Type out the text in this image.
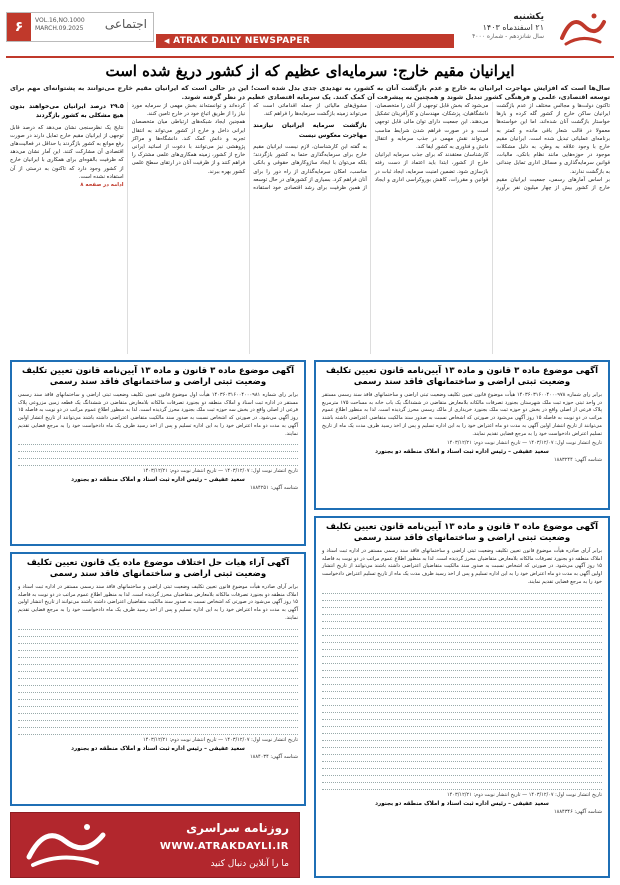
یکشنبه
۲۱ اسفندماه ۱۴۰۳
سال شانزدهم - شماره ۴۰۰۰
◀ ATRAK DAILY NEWSPAPER
۶	VOL.16,NO.1000
MARCH.09.2025 اجتماعی
ایرانیان مقیم خارج: سرمایه‌ای عظیم که از کشور دریغ شده است
سال‌ها است که افزایش مهاجرت ایرانیان به خارج و عدم بازگشت آنان به کشور، به تهدیدی جدی بدل شده است؛ این در حالی است که ایرانیان مقیم خارج می‌توانند به پشتوانه‌ای مهم برای توسعه اقتصادی، علمی و فرهنگی کشور تبدیل شوند و همچنین به پیشرفت آن کمک کنند. یک سرمایه اقتصادی عظیم در نظر گرفته شوند.

تاکنون دولت‌ها و مجالس مختلف از عدم بازگشت ایرانیان ساکن خارج از کشور گله کرده و بارها خواستار بازگشت آنان شده‌اند، اما این خواسته‌ها معمولا در قالب شعار باقی مانده و کمتر به برنامه‌ای عملیاتی تبدیل شده است. ایرانیان مقیم خارج با وجود علاقه به وطن، به دلیل مشکلات موجود در حوزه‌هایی مانند نظام بانکی، مالیات، قوانین سرمایه‌گذاری و مسائل اداری تمایل چندانی به بازگشت ندارند.

بر اساس آمارهای رسمی، جمعیت ایرانیان مقیم خارج از کشور بیش از چهار میلیون نفر برآورد می‌شود که بخش قابل توجهی از آنان را متخصصان، دانشگاهیان، پزشکان، مهندسان و کارآفرینان تشکیل می‌دهند. این جمعیت دارای توان مالی قابل توجهی است و در صورت فراهم شدن شرایط مناسب می‌تواند نقش مهمی در جذب سرمایه و انتقال دانش و فناوری به کشور ایفا کند.

کارشناسان معتقدند که برای جذب سرمایه ایرانیان خارج از کشور، ابتدا باید اعتماد از دست رفته بازسازی شود. تضمین امنیت سرمایه، ایجاد ثبات در قوانین و مقررات، کاهش بوروکراسی اداری و ایجاد مشوق‌های مالیاتی از جمله اقداماتی است که می‌تواند زمینه بازگشت سرمایه‌ها را فراهم کند.

بازگشت سرمایه ایرانیان نیازمند مهاجرت معکوس نیست

به گفته این کارشناسان، لازم نیست ایرانیان مقیم خارج برای سرمایه‌گذاری حتما به کشور بازگردند؛ بلکه می‌توان با ایجاد سازوکارهای حقوقی و بانکی مناسب، امکان سرمایه‌گذاری از راه دور را برای آنان فراهم کرد. بسیاری از کشورهای در حال توسعه از همین ظرفیت برای رشد اقتصادی خود استفاده کرده‌اند و توانسته‌اند بخش مهمی از سرمایه مورد نیاز را از طریق اتباع خود در خارج تامین کنند.

همچنین ایجاد شبکه‌های ارتباطی میان متخصصان ایرانی داخل و خارج از کشور می‌تواند به انتقال تجربه و دانش کمک کند. دانشگاه‌ها و مراکز پژوهشی نیز می‌توانند با دعوت از اساتید ایرانی خارج از کشور، زمینه همکاری‌های علمی مشترک را فراهم کنند و از ظرفیت آنان در ارتقای سطح علمی کشور بهره ببرند.

۲۹.۵ درصد ایرانیان می‌خواهند بدون هیچ مشکلی به کشور بازگردند

نتایج یک نظرسنجی نشان می‌دهد که درصد قابل توجهی از ایرانیان مقیم خارج تمایل دارند در صورت رفع موانع به کشور بازگردند یا حداقل در فعالیت‌های اقتصادی آن مشارکت کنند. این آمار نشان می‌دهد که ظرفیت بالقوه‌ای برای همکاری با ایرانیان خارج از کشور وجود دارد که تاکنون به درستی از آن استفاده نشده است.

ادامه در صفحه ۸
آگهی موضوع ماده ۳ قانون و ماده ۱۳ آیین‌نامه قانون تعیین تکلیف وضعیت ثبتی اراضی و ساختمانهای فاقد سند رسمی
برابر رای شماره ۱۴۰۳۶۰۳۱۶۰۰۴۰۰۰۹۷۸ هیأت موضوع قانون تعیین تکلیف وضعیت ثبتی اراضی و ساختمانهای فاقد سند رسمی مستقر در واحد ثبتی حوزه ثبت ملک شهرستان بجنورد تصرفات مالکانه بلامعارض متقاضی در ششدانگ یک باب خانه به مساحت ۱۷۵ مترمربع پلاک فرعی از اصلی واقع در بخش دو حوزه ثبت ملک بجنورد خریداری از مالک رسمی محرز گردیده است. لذا به منظور اطلاع عموم مراتب در دو نوبت به فاصله ۱۵ روز آگهی می‌شود در صورتی که اشخاص نسبت به صدور سند مالکیت متقاضی اعتراضی داشته باشند می‌توانند از تاریخ انتشار اولین آگهی به مدت دو ماه اعتراض خود را به این اداره تسلیم و پس از اخذ رسید ظرف مدت یک ماه از تاریخ تسلیم اعتراض دادخواست خود را به مرجع قضایی تقدیم نمایند.
تاریخ انتشار نوبت اول: ۱۴۰۳/۱۲/۰۷ — تاریخ انتشار نوبت دوم: ۱۴۰۳/۱۲/۲۱
سعید عفیفی – رئیس اداره ثبت اسناد و املاک منطقه دو بجنورد
شناسه آگهی: ۱۸۸۳۲۴۴
آگهی موضوع ماده ۳ قانون و ماده ۱۳ آیین‌نامه قانون تعیین تکلیف وضعیت ثبتی اراضی و ساختمانهای فاقد سند رسمی
برابر رای شماره ۱۴۰۳۶۰۳۱۶۰۰۴۰۰۰۹۸۱ هیأت اول موضوع قانون تعیین تکلیف وضعیت ثبتی اراضی و ساختمانهای فاقد سند رسمی مستقر در اداره ثبت اسناد و املاک منطقه دو بجنورد تصرفات مالکانه بلامعارض متقاضی در ششدانگ یک قطعه زمین مزروعی پلاک فرعی از اصلی واقع در بخش سه حوزه ثبت ملک بجنورد محرز گردیده است. لذا به منظور اطلاع عموم مراتب در دو نوبت به فاصله ۱۵ روز آگهی می‌شود. در صورتی که اشخاص نسبت به صدور سند مالکیت متقاضی اعتراضی داشته باشند می‌توانند از تاریخ انتشار اولین آگهی به مدت دو ماه اعتراض خود را به این اداره تسلیم و پس از اخذ رسید ظرف یک ماه دادخواست خود را به مرجع قضایی تقدیم نمایند.
تاریخ انتشار نوبت اول: ۱۴۰۳/۱۲/۰۷ — تاریخ انتشار نوبت دوم: ۱۴۰۳/۱۲/۲۱
سعید عفیفی – رئیس اداره ثبت اسناد و املاک منطقه دو بجنورد
شناسه آگهی: ۱۸۸۴۲۵۱
آگهی موضوع ماده ۳ قانون و ماده ۱۳ آیین‌نامه قانون تعیین تکلیف وضعیت ثبتی اراضی و ساختمانهای فاقد سند رسمی
برابر آرای صادره هیأت موضوع قانون تعیین تکلیف وضعیت ثبتی اراضی و ساختمانهای فاقد سند رسمی مستقر در اداره ثبت اسناد و املاک منطقه دو بجنورد تصرفات مالکانه بلامعارض متقاضیان محرز گردیده است. لذا به منظور اطلاع عموم مراتب در دو نوبت به فاصله ۱۵ روز آگهی می‌شود. در صورتی که اشخاص نسبت به صدور سند مالکیت متقاضیان اعتراضی داشته باشند می‌توانند از تاریخ انتشار اولین آگهی به مدت دو ماه اعتراض خود را به این اداره تسلیم و پس از اخذ رسید ظرف مدت یک ماه از تاریخ تسلیم اعتراض دادخواست خود را به مرجع قضایی تقدیم نمایند.
تاریخ انتشار نوبت اول: ۱۴۰۳/۱۲/۰۷ — تاریخ انتشار نوبت دوم: ۱۴۰۳/۱۲/۲۱
سعید عفیفی – رئیس اداره ثبت اسناد و املاک منطقه دو بجنورد
شناسه آگهی: ۱۸۸۴۳۴۶
آگهی آراء هیات حل اختلاف موضوع ماده یک قانون تعیین تکلیف وضعیت ثبتی اراضی و ساختمانهای فاقد سند رسمی
برابر آرای صادره هیأت موضوع قانون تعیین تکلیف وضعیت ثبتی اراضی و ساختمانهای فاقد سند رسمی مستقر در اداره ثبت اسناد و املاک منطقه دو بجنورد تصرفات مالکانه بلامعارض متقاضیان محرز گردیده است. لذا به منظور اطلاع عموم مراتب در دو نوبت به فاصله ۱۵ روز آگهی می‌شود در صورتی که اشخاص نسبت به صدور سند مالکیت متقاضیان اعتراضی داشته باشند می‌توانند از تاریخ انتشار اولین آگهی به مدت دو ماه اعتراض خود را به این اداره تسلیم و پس از اخذ رسید ظرف یک ماه دادخواست خود را به مرجع قضایی تقدیم نمایند.
تاریخ انتشار نوبت اول: ۱۴۰۳/۱۲/۰۷ — تاریخ انتشار نوبت دوم: ۱۴۰۳/۱۲/۲۱
سعید عفیفی – رئیس اداره ثبت اسناد و املاک منطقه دو بجنورد
شناسه آگهی: ۱۸۸۴۰۳۴
روزنامه سراسری
WWW.ATRAKDAYLI.IR
ما را آنلاین دنبال کنید
